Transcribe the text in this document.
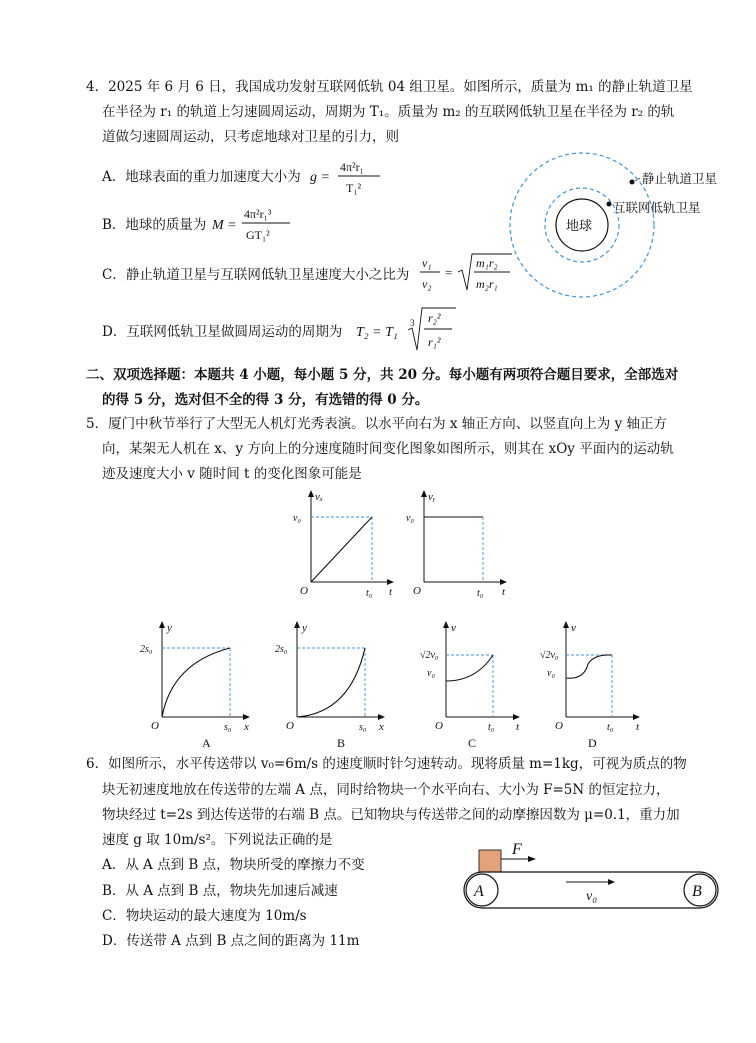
4．2025 年 6 月 6 日，我国成功发射互联网低轨 04 组卫星。如图所示，质量为 m₁ 的静止轨道卫星
在半径为 r₁ 的轨道上匀速圆周运动，周期为 T₁。质量为 m₂ 的互联网低轨卫星在半径为 r₂ 的轨
道做匀速圆周运动，只考虑地球对卫星的引力，则
A．地球表面的重力加速度大小为 g =
4π²r₁
T₁²
B．地球的质量为 M =
4π²r₁³
GT₁²
C．静止轨道卫星与互联网低轨卫星速度大小之比为
v₁
v₂
=
m₁r₂
m₂r₁
D．互联网低轨卫星做圆周运动的周期为 T₂ = T₁
3 r₂²
r₁²
地球
静止轨道卫星
互联网低轨卫星
二、双项选择题：本题共 4 小题，每小题 5 分，共 20 分。每小题有两项符合题目要求，全部选对
的得 5 分，选对但不全的得 3 分，有选错的得 0 分。
5．厦门中秋节举行了大型无人机灯光秀表演。以水平向右为 x 轴正方向、以竖直向上为 y 轴正方
向，某架无人机在 x、y 方向上的分速度随时间变化图象如图所示，则其在 xOy 平面内的运动轨
迹及速度大小 v 随时间 t 的变化图象可能是
vₓ
t
O
v₀
t₀
vᵧ
t
O
v₀
t₀
y
x
O
2s₀
s₀
A
y
x
O
2s₀
s₀
B
v
t
O
√2v₀
v₀
t₀
C
v
t
O
√2v₀
v₀
t₀
D
6．如图所示，水平传送带以 v₀=6m/s 的速度顺时针匀速转动。现将质量 m=1kg，可视为质点的物
块无初速度地放在传送带的左端 A 点，同时给物块一个水平向右、大小为 F=5N 的恒定拉力，
物块经过 t=2s 到达传送带的右端 B 点。已知物块与传送带之间的动摩擦因数为 μ=0.1，重力加
速度 g 取 10m/s²。下列说法正确的是
A．从 A 点到 B 点，物块所受的摩擦力不变
B．从 A 点到 B 点，物块先加速后减速
C．物块运动的最大速度为 10m/s
D．传送带 A 点到 B 点之间的距离为 11m
F
A	B
v₀
